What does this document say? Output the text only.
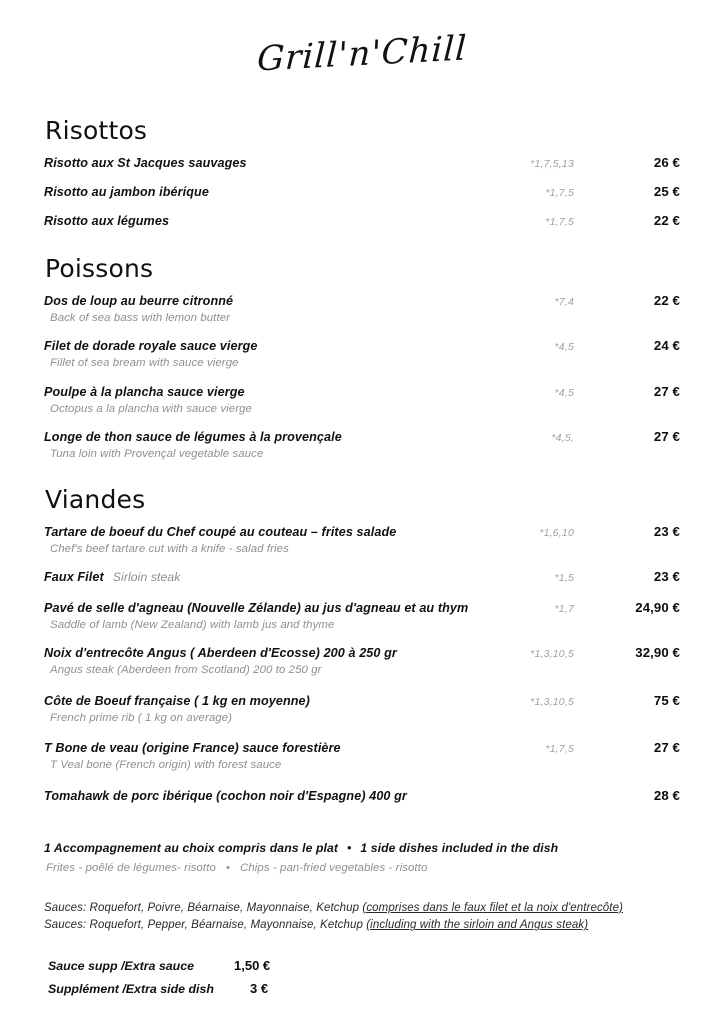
Grill'n'Chill
Risottos
Risotto aux St Jacques sauvages	*1,7,5,13	26 €
Risotto au jambon ibérique	*1,7,5	25 €
Risotto aux légumes	*1,7,5	22 €
Poissons
Dos de loup au beurre citronné	*7,4	22 €
Back of sea bass with lemon butter
Filet de dorade royale sauce vierge	*4,5	24 €
Fillet of sea bream with sauce vierge
Poulpe à la plancha sauce vierge	*4,5	27 €
Octopus a la plancha with sauce vierge
Longe de thon sauce de légumes à la provençale	*4,5,	27 €
Tuna loin with Provençal vegetable sauce
Viandes
Tartare de boeuf du Chef coupé au couteau – frites salade	*1,6,10	23 €
Chef's beef tartare cut with a knife - salad fries
Faux Filet Sirloin steak	*1,5	23 €
Pavé de selle d'agneau (Nouvelle Zélande) au jus d'agneau et au thym	*1,7	24,90 €
Saddle of lamb (New Zealand) with lamb jus and thyme
Noix d'entrecôte Angus ( Aberdeen d'Ecosse) 200 à 250 gr	*1,3,10,5	32,90 €
Angus steak (Aberdeen from Scotland) 200 to 250 gr
Côte de Boeuf française ( 1 kg en moyenne)	*1,3,10,5	75 €
French prime rib ( 1 kg on average)
T Bone de veau (origine France) sauce forestière	*1,7,5	27 €
T Veal bone (French origin) with forest sauce
Tomahawk de porc ibérique (cochon noir d'Espagne) 400 gr	28 €
1 Accompagnement au choix compris dans le plat • 1 side dishes included in the dish
Frites - poêlé de légumes- risotto • Chips - pan-fried vegetables - risotto
Sauces: Roquefort, Poivre, Béarnaise, Mayonnaise, Ketchup (comprises dans le faux filet et la noix d'entrecôte)
Sauces: Roquefort, Pepper, Béarnaise, Mayonnaise, Ketchup (including with the sirloin and Angus steak)
Sauce supp /Extra sauce	1,50 €
Supplément /Extra side dish	3 €
